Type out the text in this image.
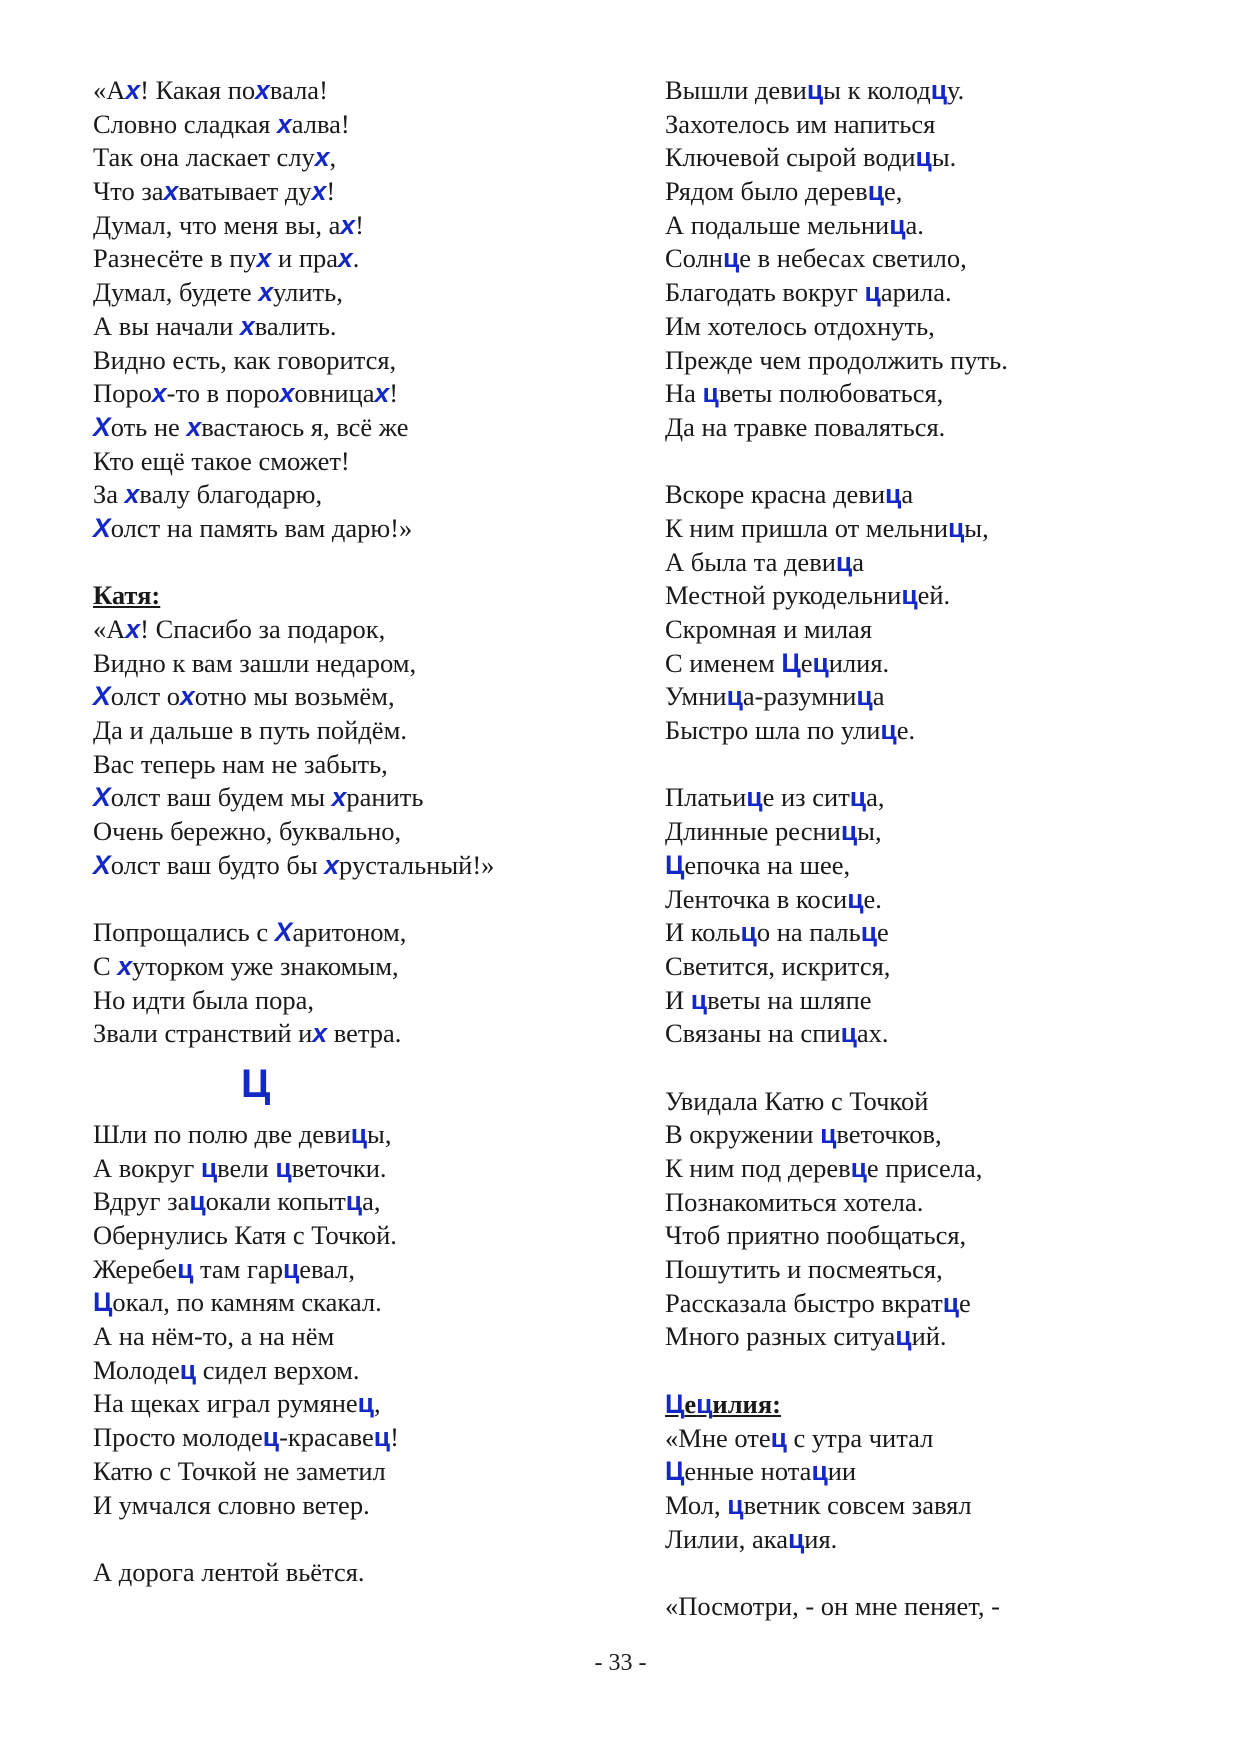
«Ах! Какая похвала!
Словно сладкая халва!
Так она ласкает слух,
Что захватывает дух!
Думал, что меня вы, ах!
Разнесёте в пух и прах.
Думал, будете хулить,
А вы начали хвалить.
Видно есть, как говорится,
Порох-то в пороховницах!
Хоть не хвастаюсь я, всё же
Кто ещё такое сможет!
За хвалу благодарю,
Холст на память вам дарю!»
Катя:
«Ах! Спасибо за подарок,
Видно к вам зашли недаром,
Холст охотно мы возьмём,
Да и дальше в путь пойдём.
Вас теперь нам не забыть,
Холст ваш будем мы хранить
Очень бережно, буквально,
Холст ваш будто бы хрустальный!»
Попрощались с Харитоном,
С хуторком уже знакомым,
Но идти была пора,
Звали странствий их ветра.
Ц
Шли по полю две девицы,
А вокруг цвели цветочки.
Вдруг зацокали копытца,
Обернулись Катя с Точкой.
Жеребец там гарцевал,
Цокал, по камням скакал.
А на нём-то, а на нём
Молодец сидел верхом.
На щеках играл румянец,
Просто молодец-красавец!
Катю с Точкой не заметил
И умчался словно ветер.
А дорога лентой вьётся.
Вышли девицы к колодцу.
Захотелось им напиться
Ключевой сырой водицы.
Рядом было деревце,
А подальше мельница.
Солнце в небесах светило,
Благодать вокруг царила.
Им хотелось отдохнуть,
Прежде чем продолжить путь.
На цветы полюбоваться,
Да на травке поваляться.
Вскоре красна девица
К ним пришла от мельницы,
А была та девица
Местной рукодельницей.
Скромная и милая
С именем Цецилия.
Умница-разумница
Быстро шла по улице.
Платьице из ситца,
Длинные ресницы,
Цепочка на шее,
Ленточка в косице.
И кольцо на пальце
Светится, искрится,
И цветы на шляпе
Связаны на спицах.
Увидала Катю с Точкой
В окружении цветочков,
К ним под деревце присела,
Познакомиться хотела.
Чтоб приятно пообщаться,
Пошутить и посмеяться,
Рассказала быстро вкратце
Много разных ситуаций.
Цецилия:
«Мне отец с утра читал
Ценные нотации
Мол, цветник совсем завял
Лилии, акация.
«Посмотри, - он мне пеняет, -
- 33 -
